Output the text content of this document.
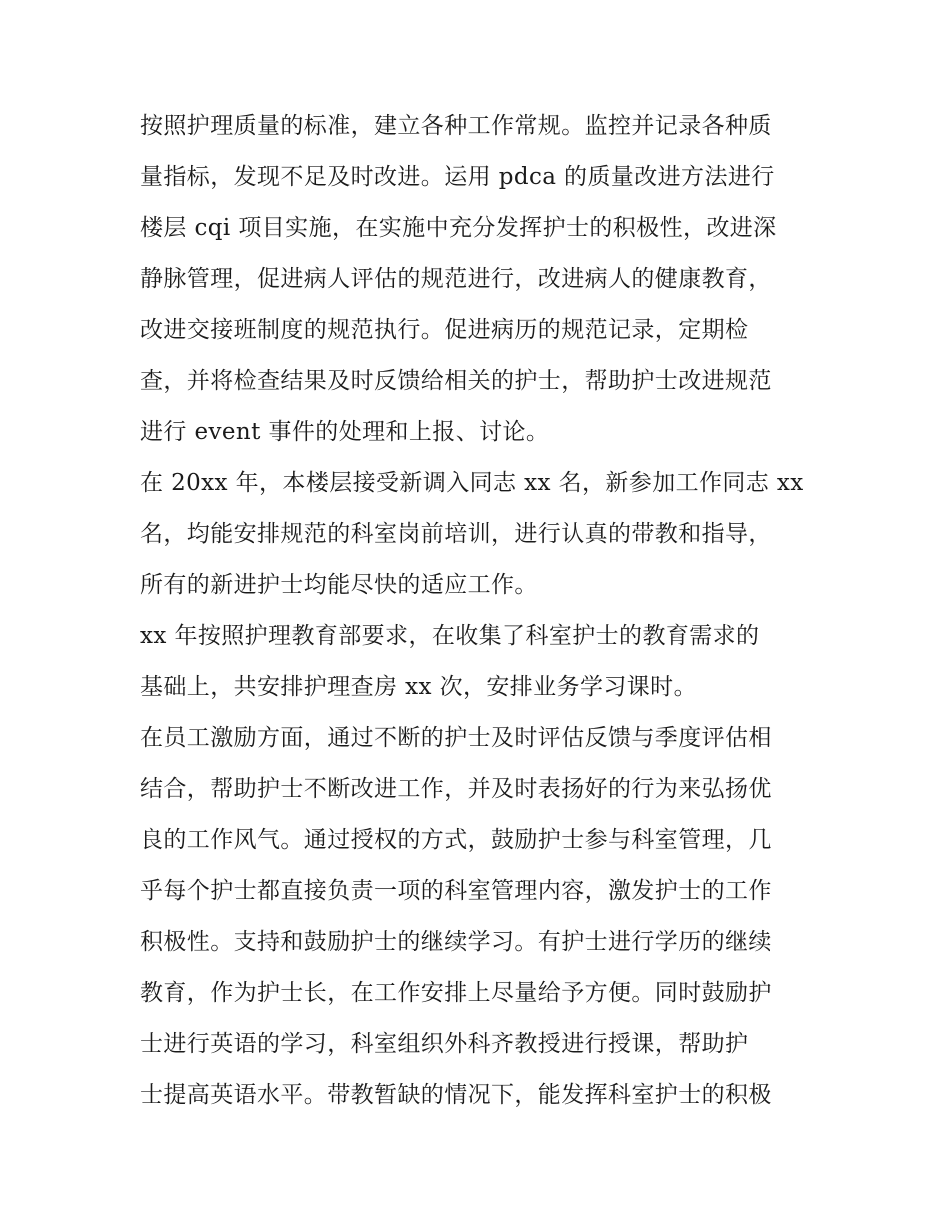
按照护理质量的标准，建立各种工作常规。监控并记录各种质
量指标，发现不足及时改进。运用 pdca 的质量改进方法进行
楼层 cqi 项目实施，在实施中充分发挥护士的积极性，改进深
静脉管理，促进病人评估的规范进行，改进病人的健康教育，
改进交接班制度的规范执行。促进病历的规范记录，定期检
查，并将检查结果及时反馈给相关的护士，帮助护士改进规范
进行 event 事件的处理和上报、讨论。
在 20xx 年，本楼层接受新调入同志 xx 名，新参加工作同志 xx
名，均能安排规范的科室岗前培训，进行认真的带教和指导，
所有的新进护士均能尽快的适应工作。
xx 年按照护理教育部要求，在收集了科室护士的教育需求的
基础上，共安排护理查房 xx 次，安排业务学习课时。
在员工激励方面，通过不断的护士及时评估反馈与季度评估相
结合，帮助护士不断改进工作，并及时表扬好的行为来弘扬优
良的工作风气。通过授权的方式，鼓励护士参与科室管理，几
乎每个护士都直接负责一项的科室管理内容，激发护士的工作
积极性。支持和鼓励护士的继续学习。有护士进行学历的继续
教育，作为护士长，在工作安排上尽量给予方便。同时鼓励护
士进行英语的学习，科室组织外科齐教授进行授课，帮助护
士提高英语水平。带教暂缺的情况下，能发挥科室护士的积极
